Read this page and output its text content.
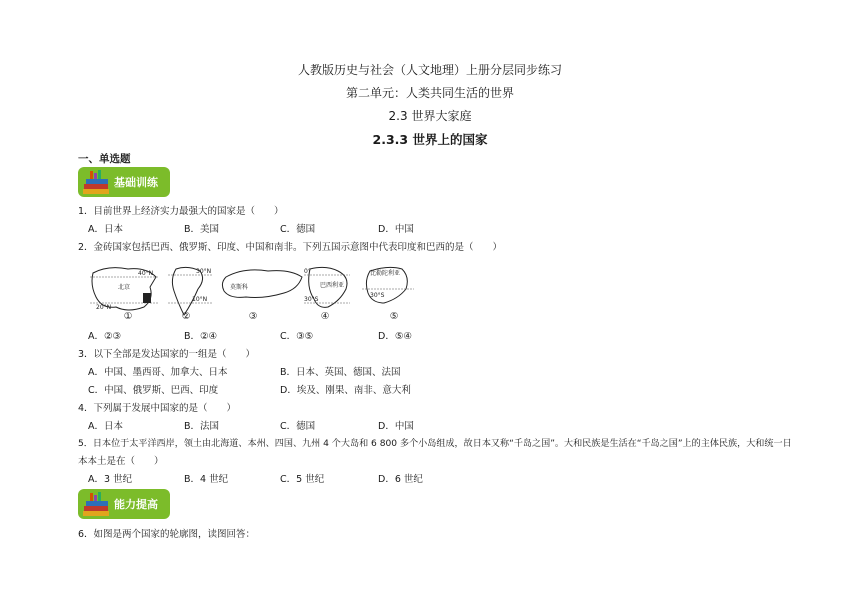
人教版历史与社会（人文地理）上册分层同步练习
第二单元：人类共同生活的世界
2.3 世界大家庭
2.3.3 世界上的国家
一、单选题
基础训练
1．目前世界上经济实力最强大的国家是（　　）
A．日本	B．美国	C．德国	D．中国
2．金砖国家包括巴西、俄罗斯、印度、中国和南非。下列五国示意图中代表印度和巴西的是（　　）
40°N
20°N
北京
30°N
10°N
莫斯科
0°
30°S
巴西利亚
比勒陀利亚
30°S
①	②	③	④	⑤
A．②③	B．②④	C．③⑤	D．⑤④
3．以下全部是发达国家的一组是（　　）
A．中国、墨西哥、加拿大、日本	B．日本、英国、德国、法国
C．中国、俄罗斯、巴西、印度	D．埃及、刚果、南非、意大利
4．下列属于发展中国家的是（　　）
A．日本	B．法国	C．德国	D．中国
5．日本位于太平洋西岸，领土由北海道、本州、四国、九州 4 个大岛和 6 800 多个小岛组成，故日本又称“千岛之国”。大和民族是生活在“千岛之国”上的主体民族，大和统一日
本本土是在（　　）
A．3 世纪	B．4 世纪	C．5 世纪	D．6 世纪
能力提高
6．如图是两个国家的轮廓图，读图回答：
